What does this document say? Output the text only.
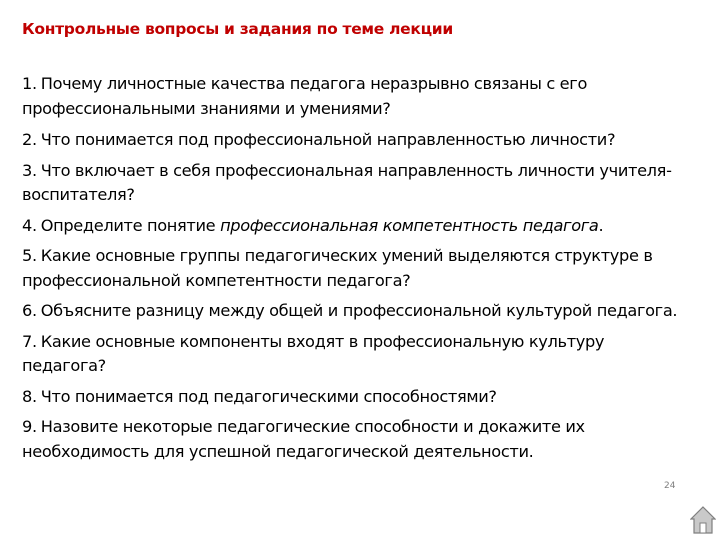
Контрольные вопросы и задания по теме лекции
1. Почему личностные качества педагога неразрывно связаны с его профессиональными знаниями и умениями?
2. Что понимается под профессиональной направленностью личности?
3. Что включает в себя профессиональная направленность личности учителя-воспитателя?
4. Определите понятие профессиональная компетентность педагога.
5. Какие основные группы педагогических умений выделяются структуре в профессиональной компетентности педагога?
6. Объясните разницу между общей и профессиональной культурой педагога.
7. Какие основные компоненты входят в профессиональную культуру педагога?
8. Что понимается под педагогическими способностями?
9. Назовите некоторые педагогические способности и докажите их необходимость для успешной педагогической деятельности.
24
